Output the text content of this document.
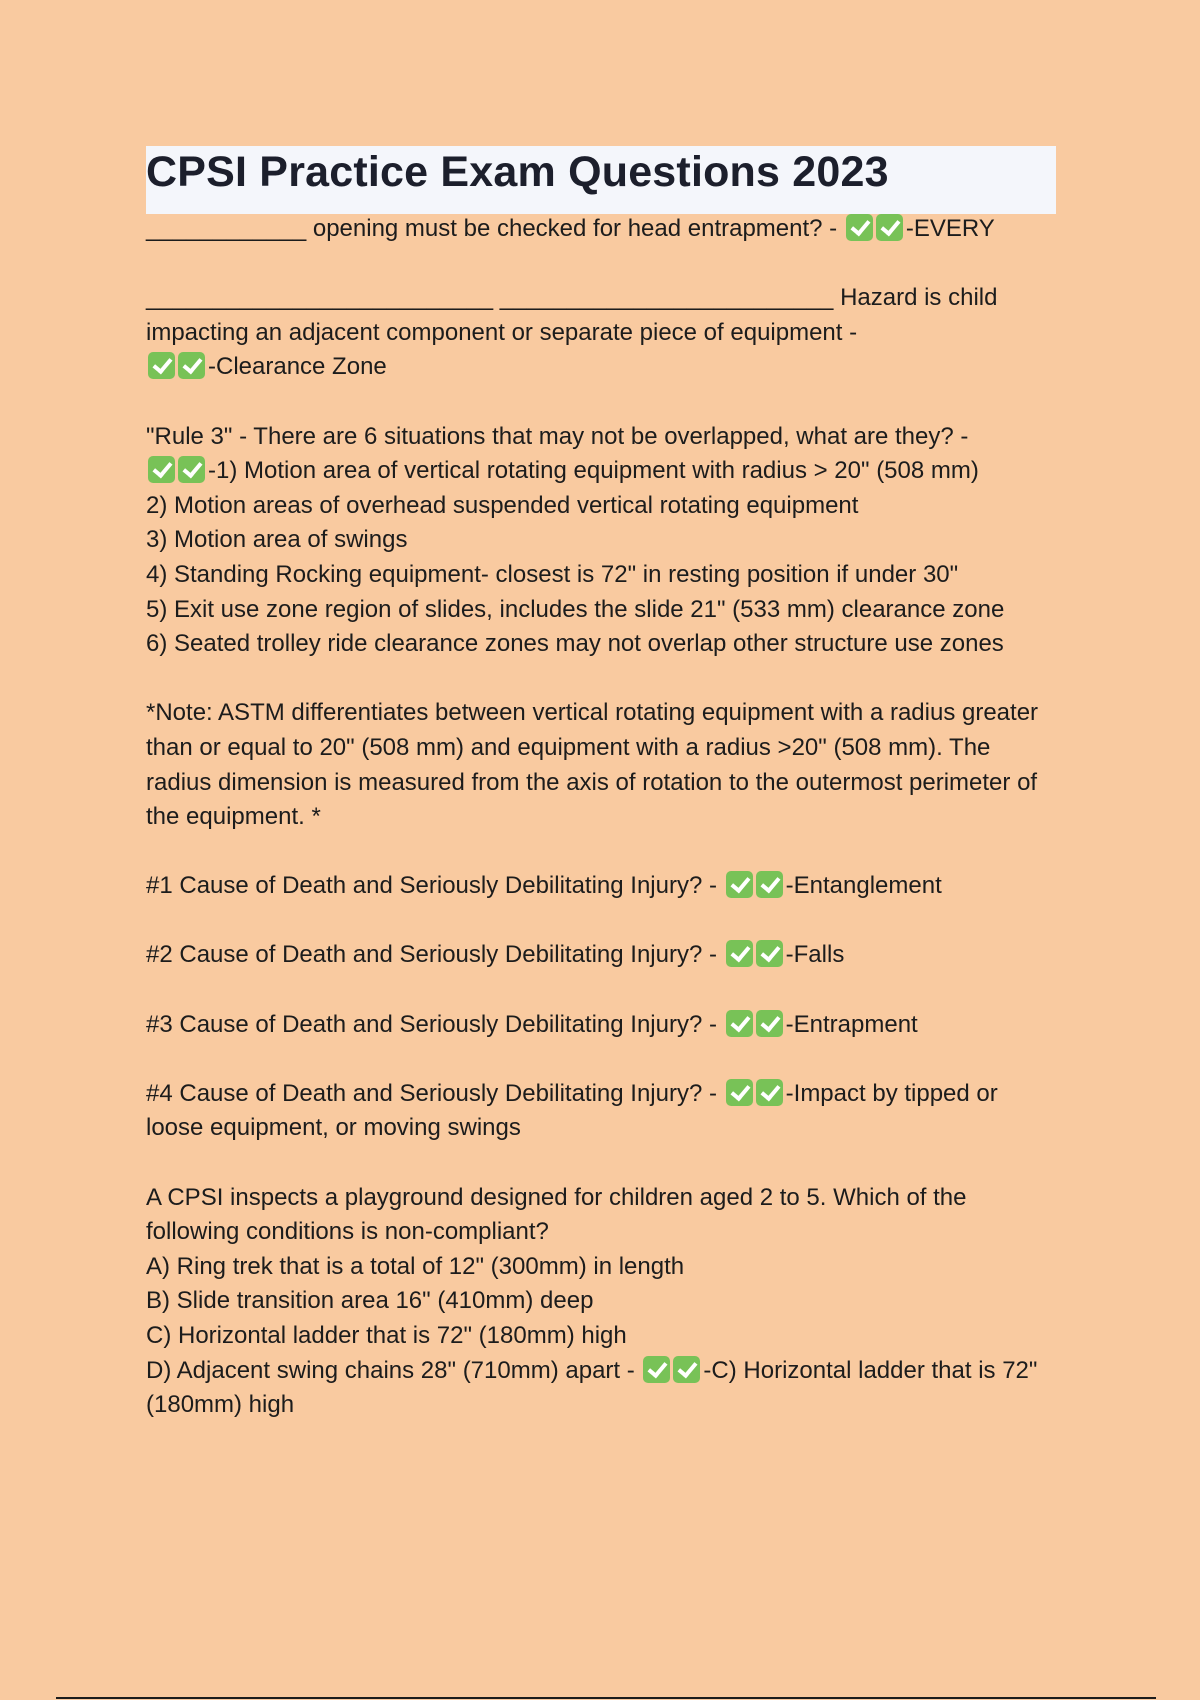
CPSI Practice Exam Questions 2023

____________ opening must be checked for head entrapment? -	-EVERY

__________________________ _________________________ Hazard is child
impacting an adjacent component or separate piece of equipment -
-Clearance Zone

"Rule 3" - There are 6 situations that may not be overlapped, what are they? -
-1) Motion area of vertical rotating equipment with radius > 20" (508 mm)
2) Motion areas of overhead suspended vertical rotating equipment
3) Motion area of swings
4) Standing Rocking equipment- closest is 72" in resting position if under 30"
5) Exit use zone region of slides, includes the slide 21" (533 mm) clearance zone
6) Seated trolley ride clearance zones may not overlap other structure use zones

*Note: ASTM differentiates between vertical rotating equipment with a radius greater than or equal to 20" (508 mm) and equipment with a radius >20" (508 mm). The radius dimension is measured from the axis of rotation to the outermost perimeter of the equipment. *

#1 Cause of Death and Seriously Debilitating Injury? -	-Entanglement

#2 Cause of Death and Seriously Debilitating Injury? -	-Falls

#3 Cause of Death and Seriously Debilitating Injury? -	-Entrapment

#4 Cause of Death and Seriously Debilitating Injury? -	-Impact by tipped or loose equipment, or moving swings

A CPSI inspects a playground designed for children aged 2 to 5. Which of the following conditions is non-compliant?
A) Ring trek that is a total of 12" (300mm) in length
B) Slide transition area 16" (410mm) deep
C) Horizontal ladder that is 72" (180mm) high
D) Adjacent swing chains 28" (710mm) apart -	-C) Horizontal ladder that is 72" (180mm) high
